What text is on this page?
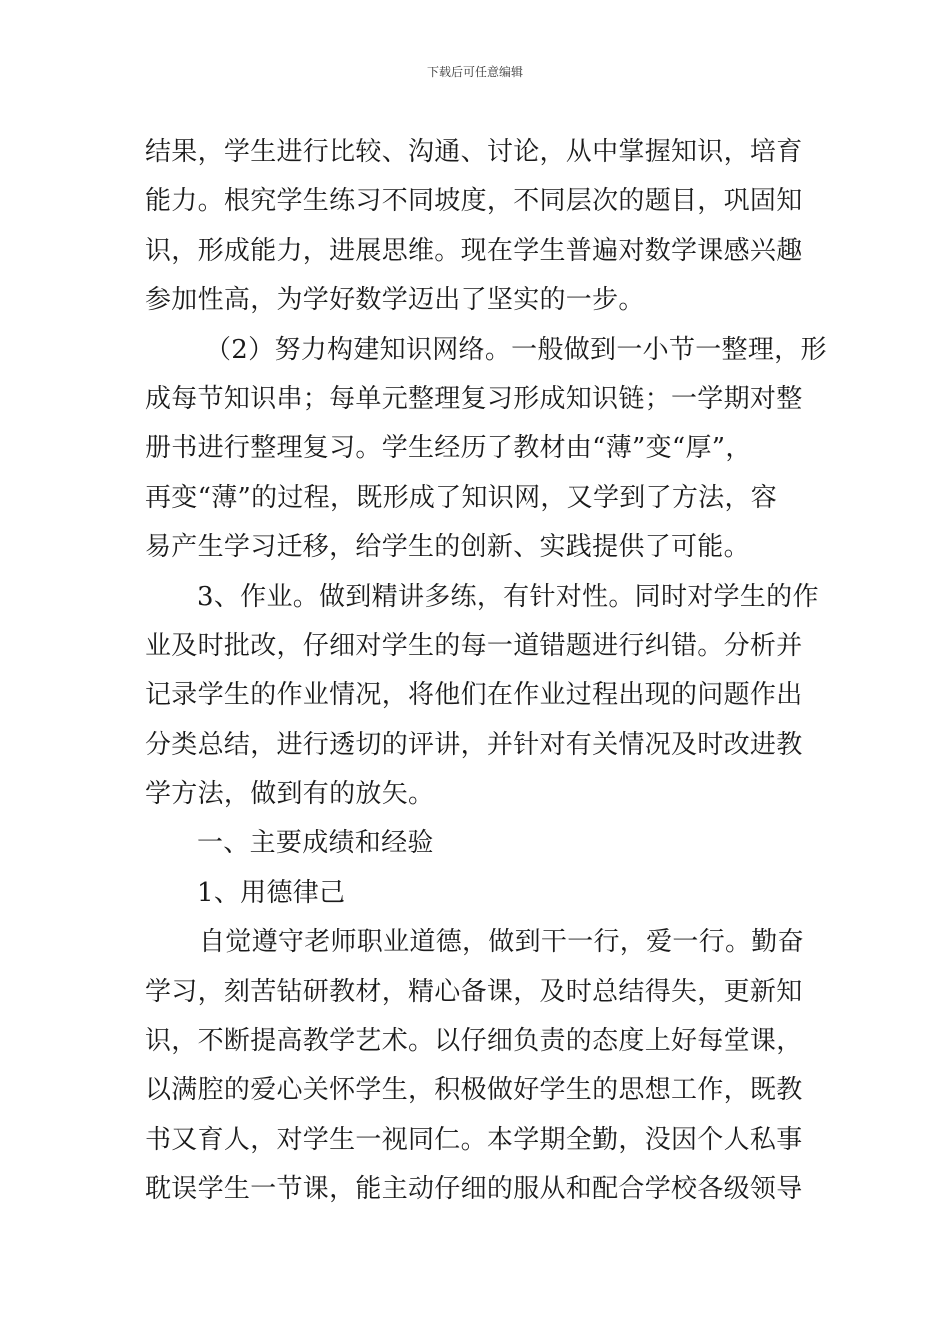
下载后可任意编辑
结果，学生进行比较、沟通、讨论，从中掌握知识，培育
能力。根究学生练习不同坡度，不同层次的题目，巩固知
识，形成能力，进展思维。现在学生普遍对数学课感兴趣
参加性高，为学好数学迈出了坚实的一步。
（2）努力构建知识网络。一般做到一小节一整理，形
成每节知识串；每单元整理复习形成知识链；一学期对整
册书进行整理复习。学生经历了教材由“薄”变“厚”，
再变“薄”的过程，既形成了知识网，又学到了方法，容
易产生学习迁移，给学生的创新、实践提供了可能。
3、作业。做到精讲多练，有针对性。同时对学生的作
业及时批改，仔细对学生的每一道错题进行纠错。分析并
记录学生的作业情况，将他们在作业过程出现的问题作出
分类总结，进行透切的评讲，并针对有关情况及时改进教
学方法，做到有的放矢。
一、主要成绩和经验
1、用德律己
自觉遵守老师职业道德，做到干一行，爱一行。勤奋
学习，刻苦钻研教材，精心备课，及时总结得失，更新知
识，不断提高教学艺术。以仔细负责的态度上好每堂课，
以满腔的爱心关怀学生，积极做好学生的思想工作，既教
书又育人，对学生一视同仁。本学期全勤，没因个人私事
耽误学生一节课，能主动仔细的服从和配合学校各级领导
